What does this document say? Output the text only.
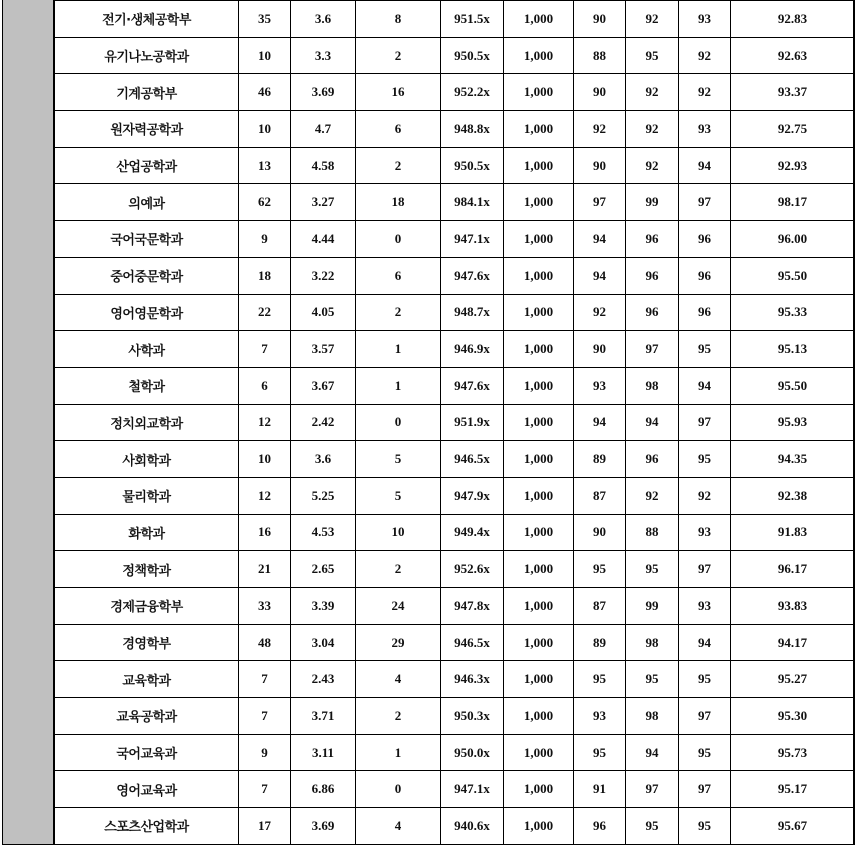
전기·생체공학부	35	3.6	8	951.5x	1,000	90	92	93	92.83
유기나노공학과	10	3.3	2	950.5x	1,000	88	95	92	92.63
기계공학부	46	3.69	16	952.2x	1,000	90	92	92	93.37
원자력공학과	10	4.7	6	948.8x	1,000	92	92	93	92.75
산업공학과	13	4.58	2	950.5x	1,000	90	92	94	92.93
의예과	62	3.27	18	984.1x	1,000	97	99	97	98.17
국어국문학과	9	4.44	0	947.1x	1,000	94	96	96	96.00
중어중문학과	18	3.22	6	947.6x	1,000	94	96	96	95.50
영어영문학과	22	4.05	2	948.7x	1,000	92	96	96	95.33
사학과	7	3.57	1	946.9x	1,000	90	97	95	95.13
철학과	6	3.67	1	947.6x	1,000	93	98	94	95.50
정치외교학과	12	2.42	0	951.9x	1,000	94	94	97	95.93
사회학과	10	3.6	5	946.5x	1,000	89	96	95	94.35
물리학과	12	5.25	5	947.9x	1,000	87	92	92	92.38
화학과	16	4.53	10	949.4x	1,000	90	88	93	91.83
정책학과	21	2.65	2	952.6x	1,000	95	95	97	96.17
경제금융학부	33	3.39	24	947.8x	1,000	87	99	93	93.83
경영학부	48	3.04	29	946.5x	1,000	89	98	94	94.17
교육학과	7	2.43	4	946.3x	1,000	95	95	95	95.27
교육공학과	7	3.71	2	950.3x	1,000	93	98	97	95.30
국어교육과	9	3.11	1	950.0x	1,000	95	94	95	95.73
영어교육과	7	6.86	0	947.1x	1,000	91	97	97	95.17
스포츠산업학과	17	3.69	4	940.6x	1,000	96	95	95	95.67
